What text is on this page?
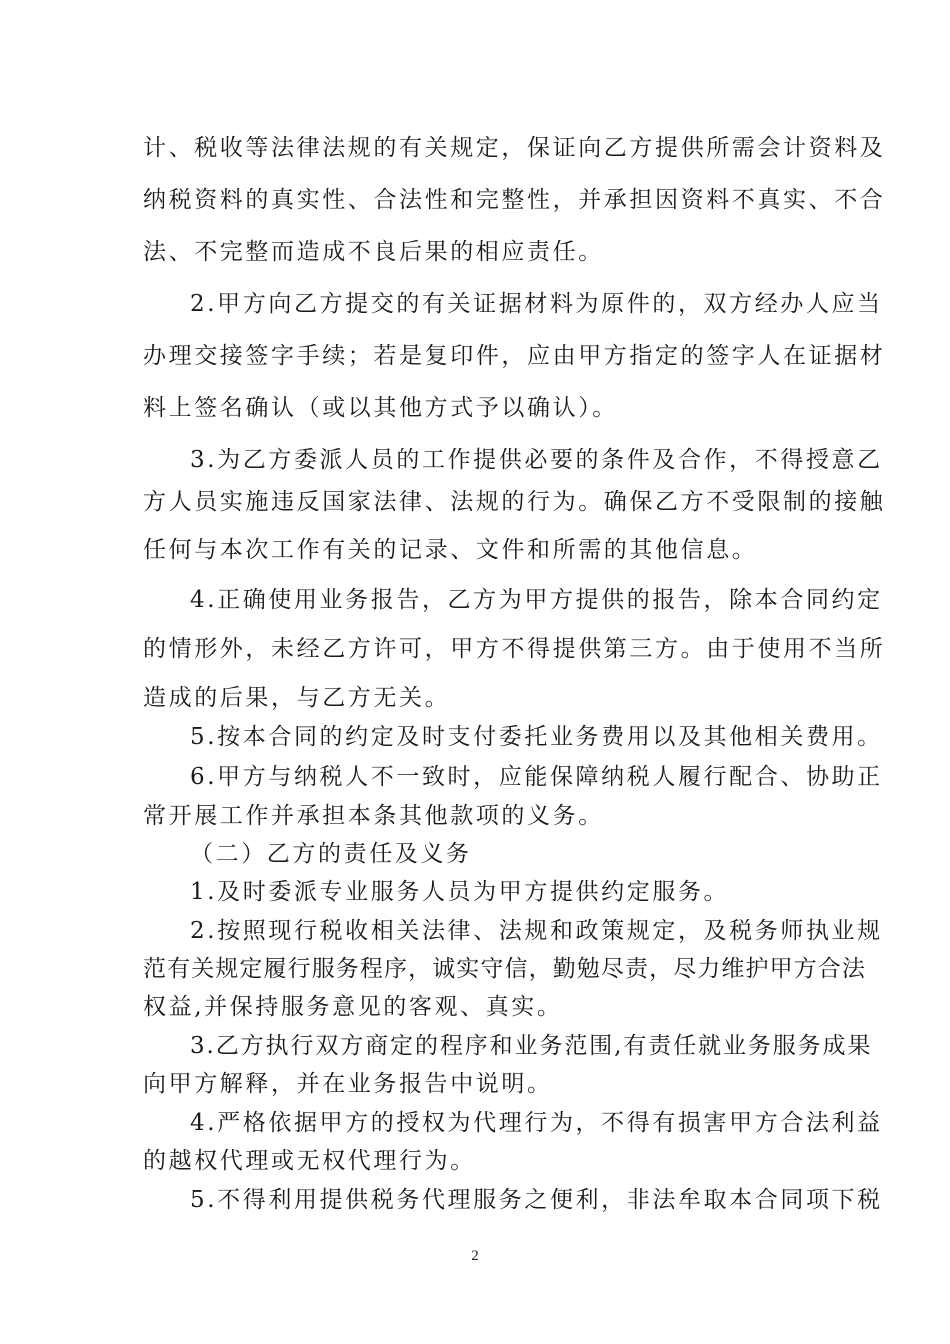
计、税收等法律法规的有关规定，保证向乙方提供所需会计资料及
纳税资料的真实性、合法性和完整性，并承担因资料不真实、不合
法、不完整而造成不良后果的相应责任。
2.甲方向乙方提交的有关证据材料为原件的，双方经办人应当
办理交接签字手续；若是复印件，应由甲方指定的签字人在证据材
料上签名确认（或以其他方式予以确认）。
3.为乙方委派人员的工作提供必要的条件及合作，不得授意乙
方人员实施违反国家法律、法规的行为。确保乙方不受限制的接触
任何与本次工作有关的记录、文件和所需的其他信息。
4.正确使用业务报告，乙方为甲方提供的报告，除本合同约定
的情形外，未经乙方许可，甲方不得提供第三方。由于使用不当所
造成的后果，与乙方无关。
5.按本合同的约定及时支付委托业务费用以及其他相关费用。
6.甲方与纳税人不一致时，应能保障纳税人履行配合、协助正
常开展工作并承担本条其他款项的义务。
（二）乙方的责任及义务
1.及时委派专业服务人员为甲方提供约定服务。
2.按照现行税收相关法律、法规和政策规定，及税务师执业规
范有关规定履行服务程序，诚实守信，勤勉尽责，尽力维护甲方合法
权益,并保持服务意见的客观、真实。
3.乙方执行双方商定的程序和业务范围,有责任就业务服务成果
向甲方解释，并在业务报告中说明。
4.严格依据甲方的授权为代理行为，不得有损害甲方合法利益
的越权代理或无权代理行为。
5.不得利用提供税务代理服务之便利，非法牟取本合同项下税
2
